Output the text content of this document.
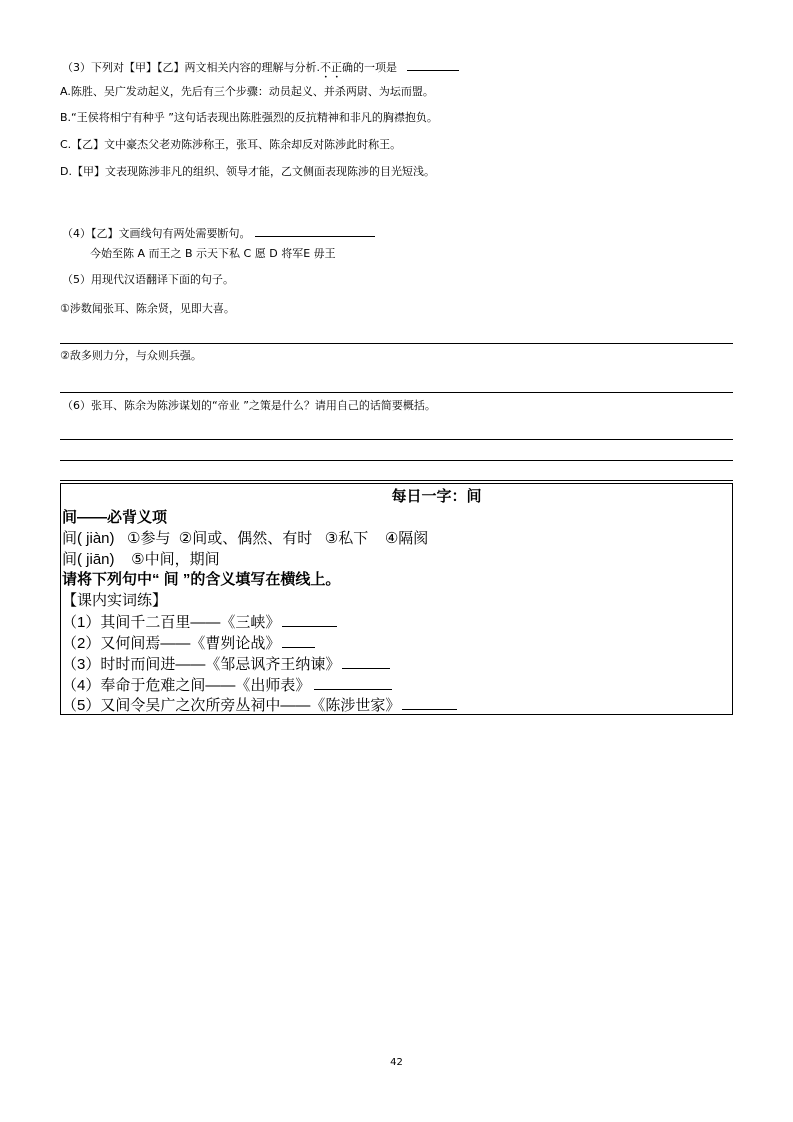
（3）下列对【甲】【乙】两文相关内容的理解与分析.不正确的一项是
A.陈胜、吴广发动起义，先后有三个步骤：动员起义、并杀两尉、为坛而盟。
B.“王侯将相宁有种乎 ”这句话表现出陈胜强烈的反抗精神和非凡的胸襟抱负。
C.【乙】文中豪杰父老劝陈涉称王，张耳、陈余却反对陈涉此时称王。
D.【甲】文表现陈涉非凡的组织、领导才能，乙文侧面表现陈涉的目光短浅。
（4）【乙】文画线句有两处需要断句。
今始至陈 A 而王之 B 示天下私 C 愿 D 将军E 毋王
（5）用现代汉语翻译下面的句子。
①涉数闻张耳、陈余贤，见即大喜。
②敌多则力分，与众则兵强。
（6）张耳、陈余为陈涉谋划的“帝业 ”之策是什么？请用自己的话简要概括。
每日一字：间
间——必背义项
间( jiàn)   ①参与  ②间或、偶然、有时   ③私下    ④隔阂
间( jiān)    ⑤中间，期间
请将下列句中“ 间 ”的含义填写在横线上。
【课内实词练】
（1）其间千二百里——《三峡》
（2）又何间焉——《曹刿论战》
（3）时时而间进——《邹忌讽齐王纳谏》
（4）奉命于危难之间——《出师表》
（5）又间令吴广之次所旁丛祠中——《陈涉世家》
42
